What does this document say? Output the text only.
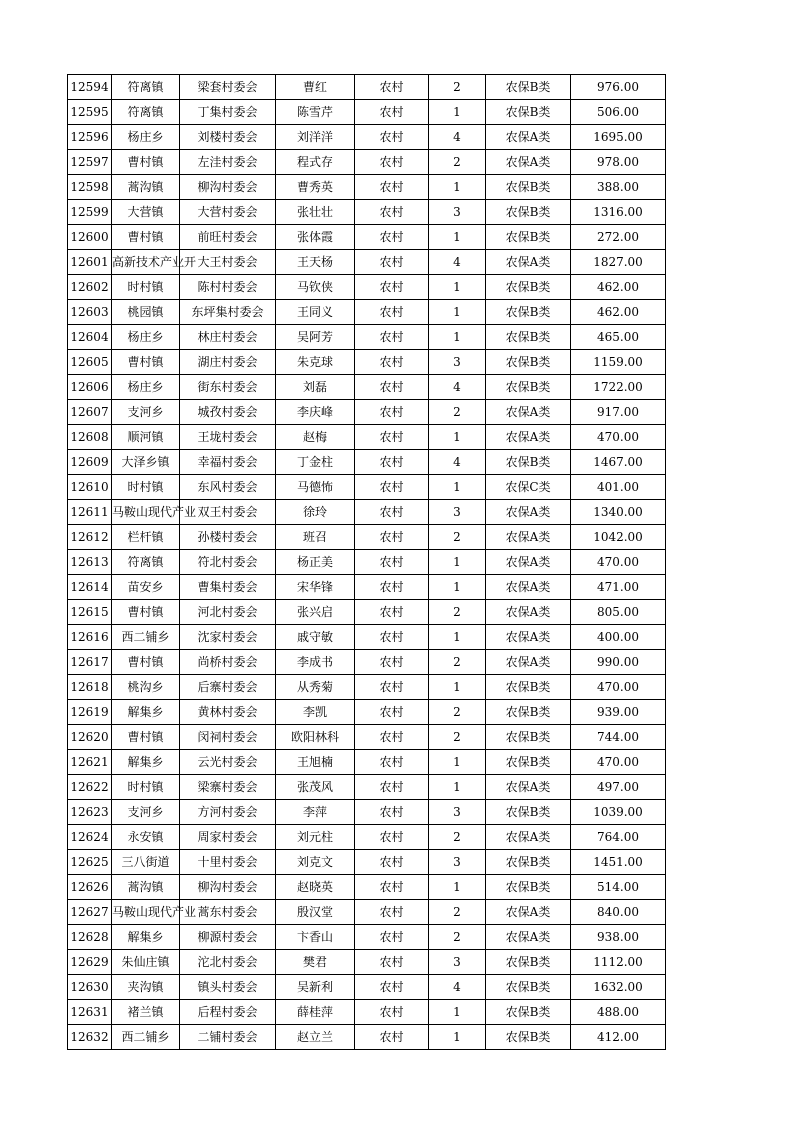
12594	符离镇	梁套村委会	曹红	农村	2	农保B类	976.00
12595	符离镇	丁集村委会	陈雪芹	农村	1	农保B类	506.00
12596	杨庄乡	刘楼村委会	刘洋洋	农村	4	农保A类	1695.00
12597	曹村镇	左洼村委会	程式存	农村	2	农保A类	978.00
12598	蒿沟镇	柳沟村委会	曹秀英	农村	1	农保B类	388.00
12599	大营镇	大营村委会	张壮壮	农村	3	农保B类	1316.00
12600	曹村镇	前旺村委会	张体霞	农村	1	农保B类	272.00
12601	高新技术产业开	大王村委会	王天杨	农村	4	农保A类	1827.00
12602	时村镇	陈村村委会	马钦侠	农村	1	农保B类	462.00
12603	桃园镇	东坪集村委会	王同义	农村	1	农保B类	462.00
12604	杨庄乡	林庄村委会	吴阿芳	农村	1	农保B类	465.00
12605	曹村镇	湖庄村委会	朱克球	农村	3	农保B类	1159.00
12606	杨庄乡	街东村委会	刘磊	农村	4	农保B类	1722.00
12607	支河乡	城孜村委会	李庆峰	农村	2	农保A类	917.00
12608	顺河镇	王垅村委会	赵梅	农村	1	农保A类	470.00
12609	大泽乡镇	幸福村委会	丁金柱	农村	4	农保B类	1467.00
12610	时村镇	东风村委会	马德怖	农村	1	农保C类	401.00
12611	马鞍山现代产业	双王村委会	徐玲	农村	3	农保A类	1340.00
12612	栏杆镇	孙楼村委会	班召	农村	2	农保A类	1042.00
12613	符离镇	符北村委会	杨正美	农村	1	农保A类	470.00
12614	苗安乡	曹集村委会	宋华锋	农村	1	农保A类	471.00
12615	曹村镇	河北村委会	张兴启	农村	2	农保A类	805.00
12616	西二铺乡	沈家村委会	戚守敏	农村	1	农保A类	400.00
12617	曹村镇	尚桥村委会	李成书	农村	2	农保A类	990.00
12618	桃沟乡	后寨村委会	从秀菊	农村	1	农保B类	470.00
12619	解集乡	黄林村委会	李凯	农村	2	农保B类	939.00
12620	曹村镇	闵祠村委会	欧阳林科	农村	2	农保B类	744.00
12621	解集乡	云光村委会	王旭楠	农村	1	农保B类	470.00
12622	时村镇	梁寨村委会	张茂风	农村	1	农保A类	497.00
12623	支河乡	方河村委会	李萍	农村	3	农保B类	1039.00
12624	永安镇	周家村委会	刘元柱	农村	2	农保A类	764.00
12625	三八街道	十里村委会	刘克文	农村	3	农保B类	1451.00
12626	蒿沟镇	柳沟村委会	赵晓英	农村	1	农保B类	514.00
12627	马鞍山现代产业	蒿东村委会	殷汉堂	农村	2	农保A类	840.00
12628	解集乡	柳源村委会	卞香山	农村	2	农保A类	938.00
12629	朱仙庄镇	沱北村委会	樊君	农村	3	农保B类	1112.00
12630	夹沟镇	镇头村委会	吴新利	农村	4	农保B类	1632.00
12631	褚兰镇	后程村委会	薛桂萍	农村	1	农保B类	488.00
12632	西二铺乡	二铺村委会	赵立兰	农村	1	农保B类	412.00
